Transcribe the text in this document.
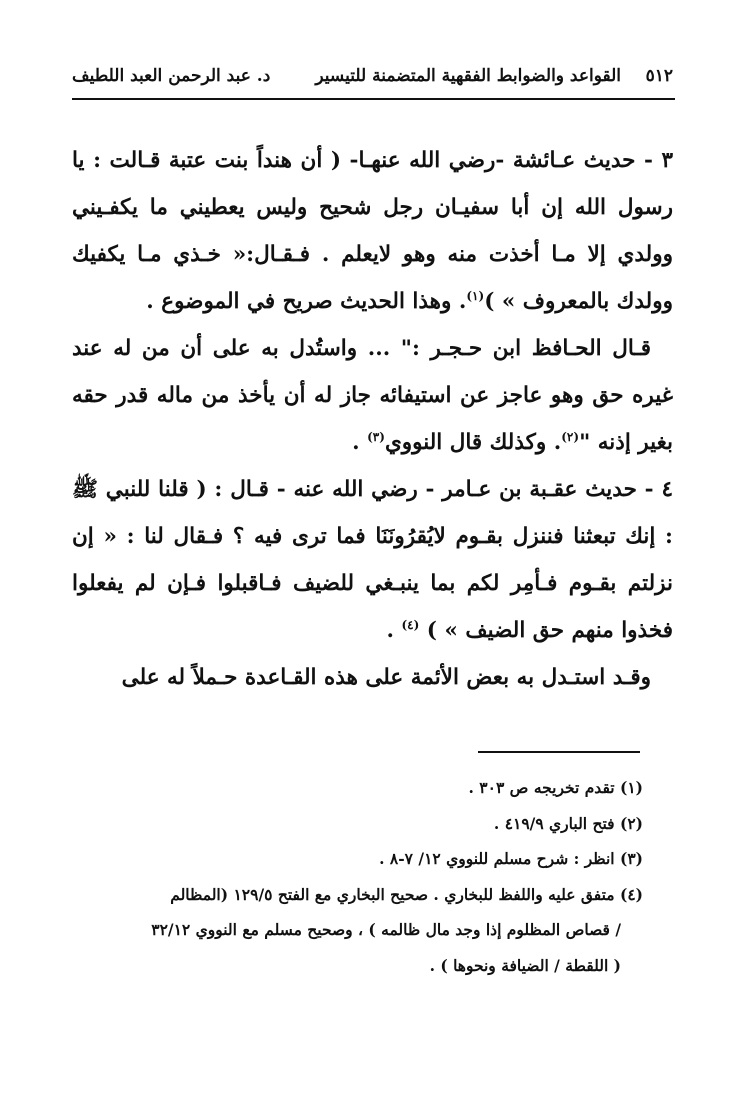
٥١٢
القواعد والضوابط الفقهية المتضمنة للتيسير
د. عبد الرحمن العبد اللطيف

٣ - حديث عـائشة -رضي الله عنهـا- ( أن هنداً بنت عتبة قـالت : يا رسول الله إن أبا سفيـان رجل شحيح وليس يعطيني ما يكفـيني وولدي إلا مـا أخذت منه وهو لايعلم . فـقـال:« خـذي مـا يكفيك وولدك بالمعروف » )$^{(١)}$. وهذا الحديث صريح في الموضوع .

قـال الحـافظ ابن حـجـر :" ... واستُدل به على أن من له عند غيره حق وهو عاجز عن استيفائه جاز له أن يأخذ من ماله قدر حقه بغير إذنه "$^{(٢)}$. وكذلك قال النووي$^{(٣)}$ .

٤ - حديث عقـبة بن عـامر - رضي الله عنه - قـال : ( قلنا للنبي ﷺ : إنك تبعثنا فننزل بقـوم لايُقرُونَنَا فما ترى فيه ؟ فـقال لنا : « إن نزلتم بقـوم فـأمِر لكم بما ينبـغي للضيف فـاقبلوا فـإن لم يفعلوا فخذوا منهم حق الضيف » ) $^{(٤)}$ .

وقـد استـدل به بعض الأئمة على هذه القـاعدة حـملاً له على

(١) تقدم تخريجه ص ٣٠٣ .

(٢) فتح الباري ٤١٩/٩ .

(٣) انظر : شرح مسلم للنووي ١٢/ ٧-٨ .

(٤) متفق عليه واللفظ للبخاري . صحيح البخاري مع الفتح ١٢٩/٥ (المظالم

/ قصاص المظلوم إذا وجد مال ظالمه ) ، وصحيح مسلم مع النووي ٣٢/١٢

( اللقطة / الضيافة ونحوها ) .
